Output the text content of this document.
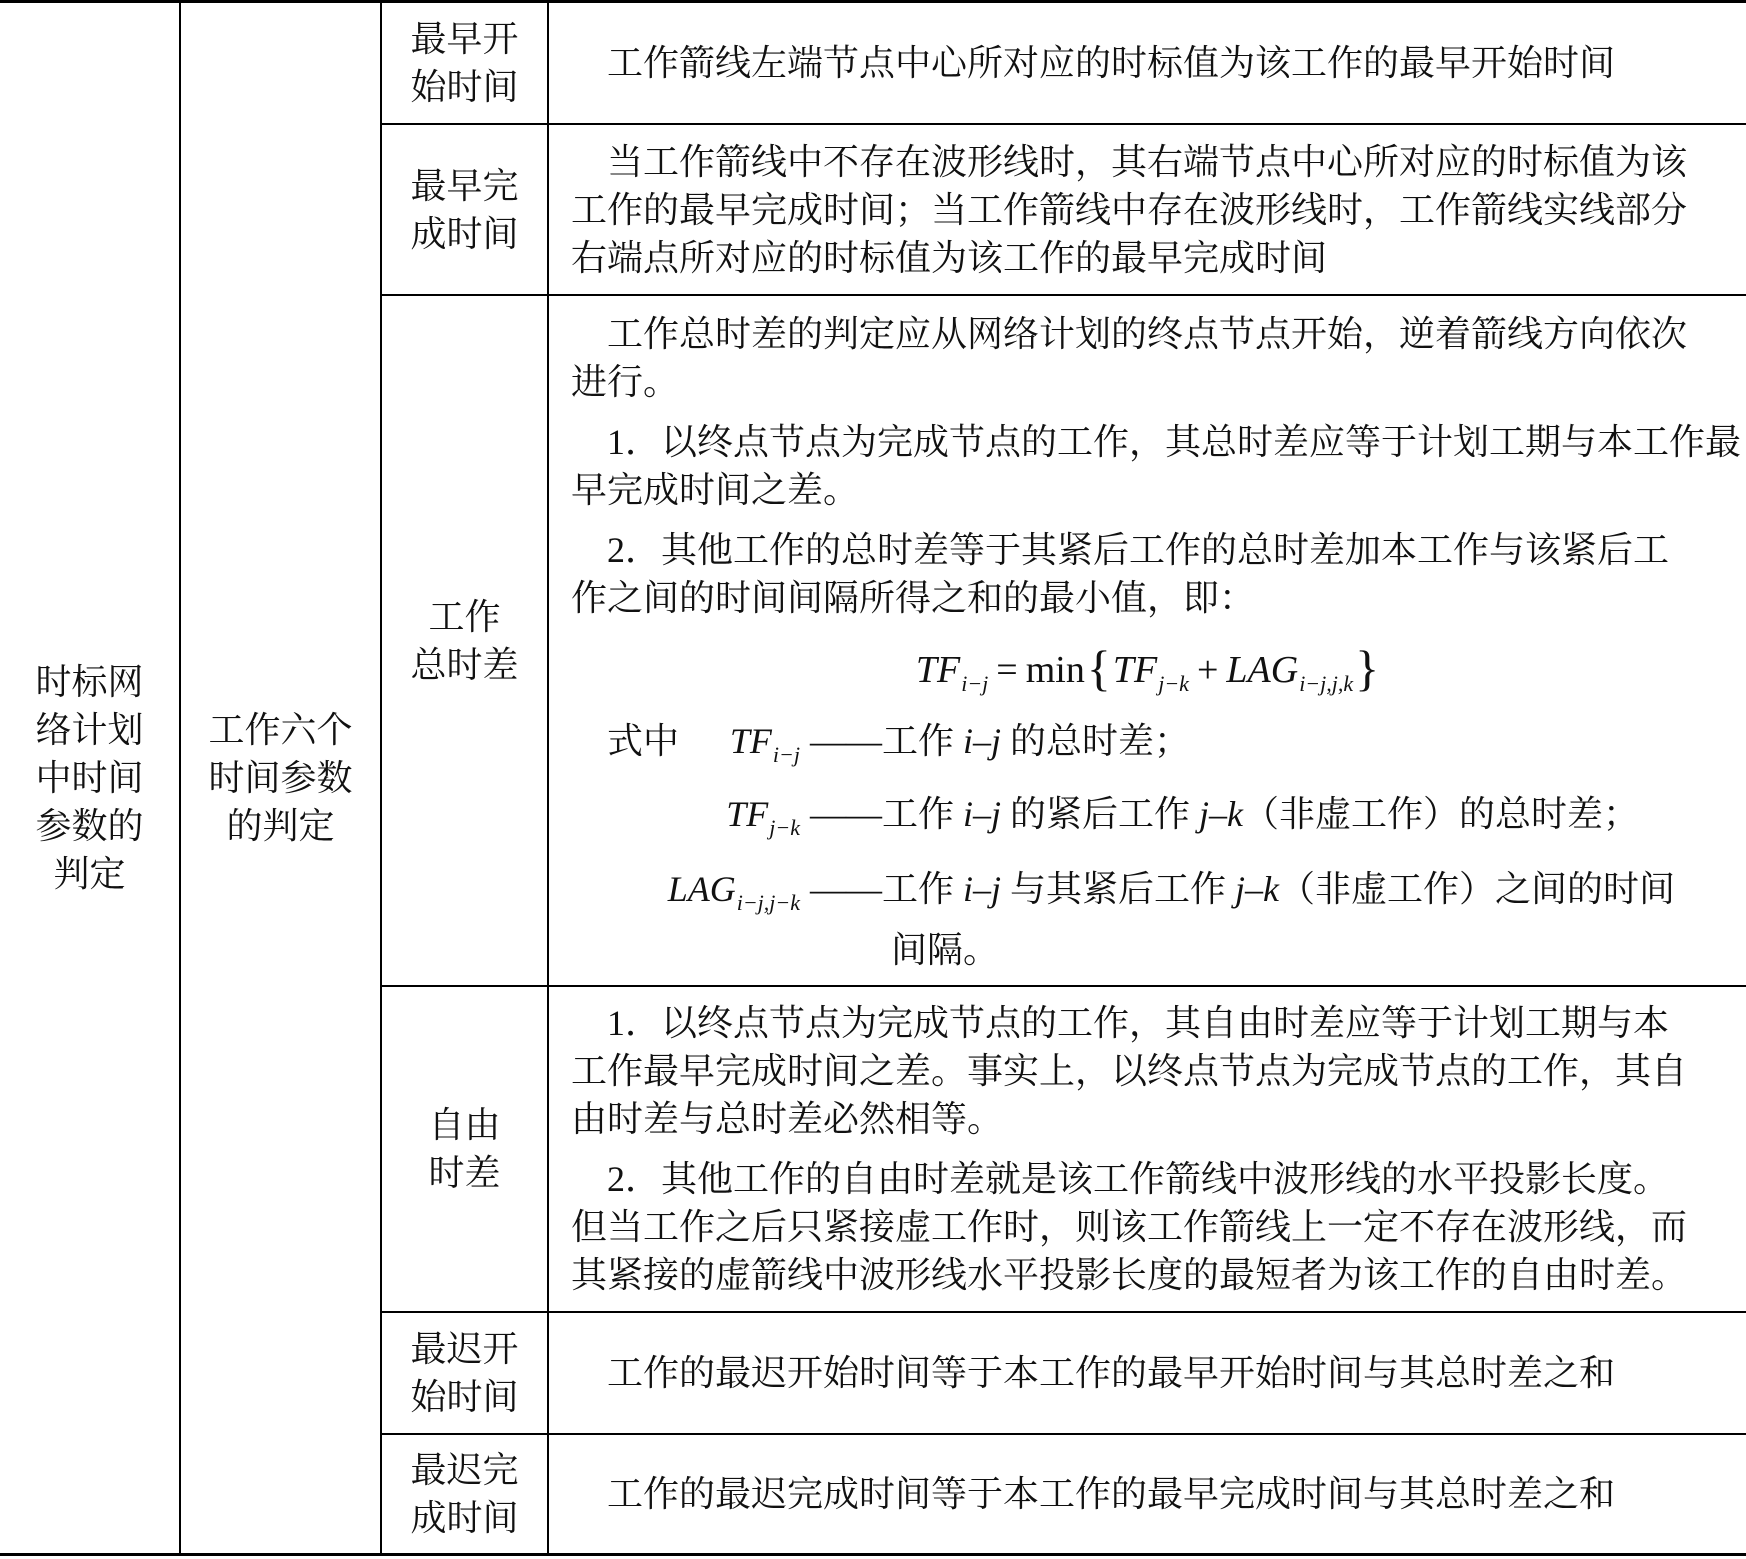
时标网
络计划
中时间
参数的
判定
工作六个
时间参数
的判定
最早开
始时间
工作箭线左端节点中心所对应的时标值为该工作的最早开始时间
最早完
成时间
当工作箭线中不存在波形线时，其右端节点中心所对应的时标值为该
工作的最早完成时间；当工作箭线中存在波形线时，工作箭线实线部分
右端点所对应的时标值为该工作的最早完成时间
工作
总时差
工作总时差的判定应从网络计划的终点节点开始，逆着箭线方向依次
进行。
1．以终点节点为完成节点的工作，其总时差应等于计划工期与本工作最
早完成时间之差。
2．其他工作的总时差等于其紧后工作的总时差加本工作与该紧后工
作之间的时间间隔所得之和的最小值，即：
$TF_{i-j} = \min\{TF_{j-k} + LAG_{i-j,j,k}\}$
式中 $TF_{i-j}$ ——工作 i–j 的总时差；
$TF_{j-k}$ ——工作 i–j 的紧后工作 j–k（非虚工作）的总时差；
$LAG_{i-j,j-k}$ ——工作 i–j 与其紧后工作 j–k（非虚工作）之间的时间
间隔。
自由
时差
1．以终点节点为完成节点的工作，其自由时差应等于计划工期与本
工作最早完成时间之差。事实上，以终点节点为完成节点的工作，其自
由时差与总时差必然相等。
2．其他工作的自由时差就是该工作箭线中波形线的水平投影长度。
但当工作之后只紧接虚工作时，则该工作箭线上一定不存在波形线，而
其紧接的虚箭线中波形线水平投影长度的最短者为该工作的自由时差。
最迟开
始时间
工作的最迟开始时间等于本工作的最早开始时间与其总时差之和
最迟完
成时间
工作的最迟完成时间等于本工作的最早完成时间与其总时差之和
